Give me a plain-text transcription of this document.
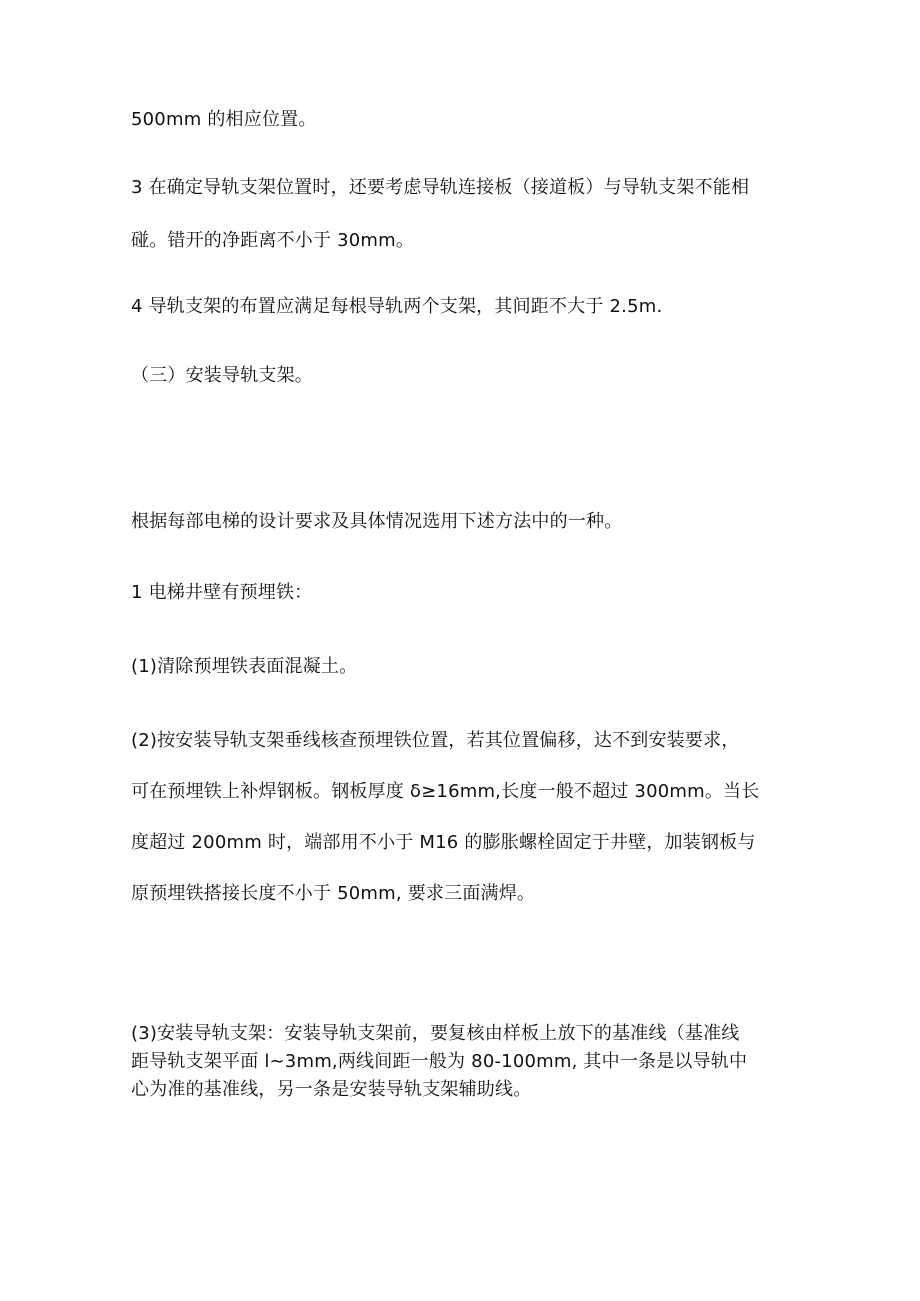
500mm 的相应位置。

3 在确定导轨支架位置时，还要考虑导轨连接板（接道板）与导轨支架不能相
碰。错开的净距离不小于 30mm。

4 导轨支架的布置应满足每根导轨两个支架，其间距不大于 2.5m.

（三）安装导轨支架。

根据每部电梯的设计要求及具体情况选用下述方法中的一种。

1 电梯井壁有预埋铁：

(1)清除预埋铁表面混凝土。

(2)按安装导轨支架垂线核查预埋铁位置，若其位置偏移，达不到安装要求，
可在预埋铁上补焊钢板。钢板厚度 δ≥16mm,长度一般不超过 300mm。当长
度超过 200mm 时，端部用不小于 M16 的膨胀螺栓固定于井壁，加装钢板与
原预埋铁搭接长度不小于 50mm, 要求三面满焊。

(3)安装导轨支架：安装导轨支架前，要复核由样板上放下的基准线（基准线
距导轨支架平面 l~3mm,两线间距一般为 80-100mm, 其中一条是以导轨中
心为准的基准线，另一条是安装导轨支架辅助线。
